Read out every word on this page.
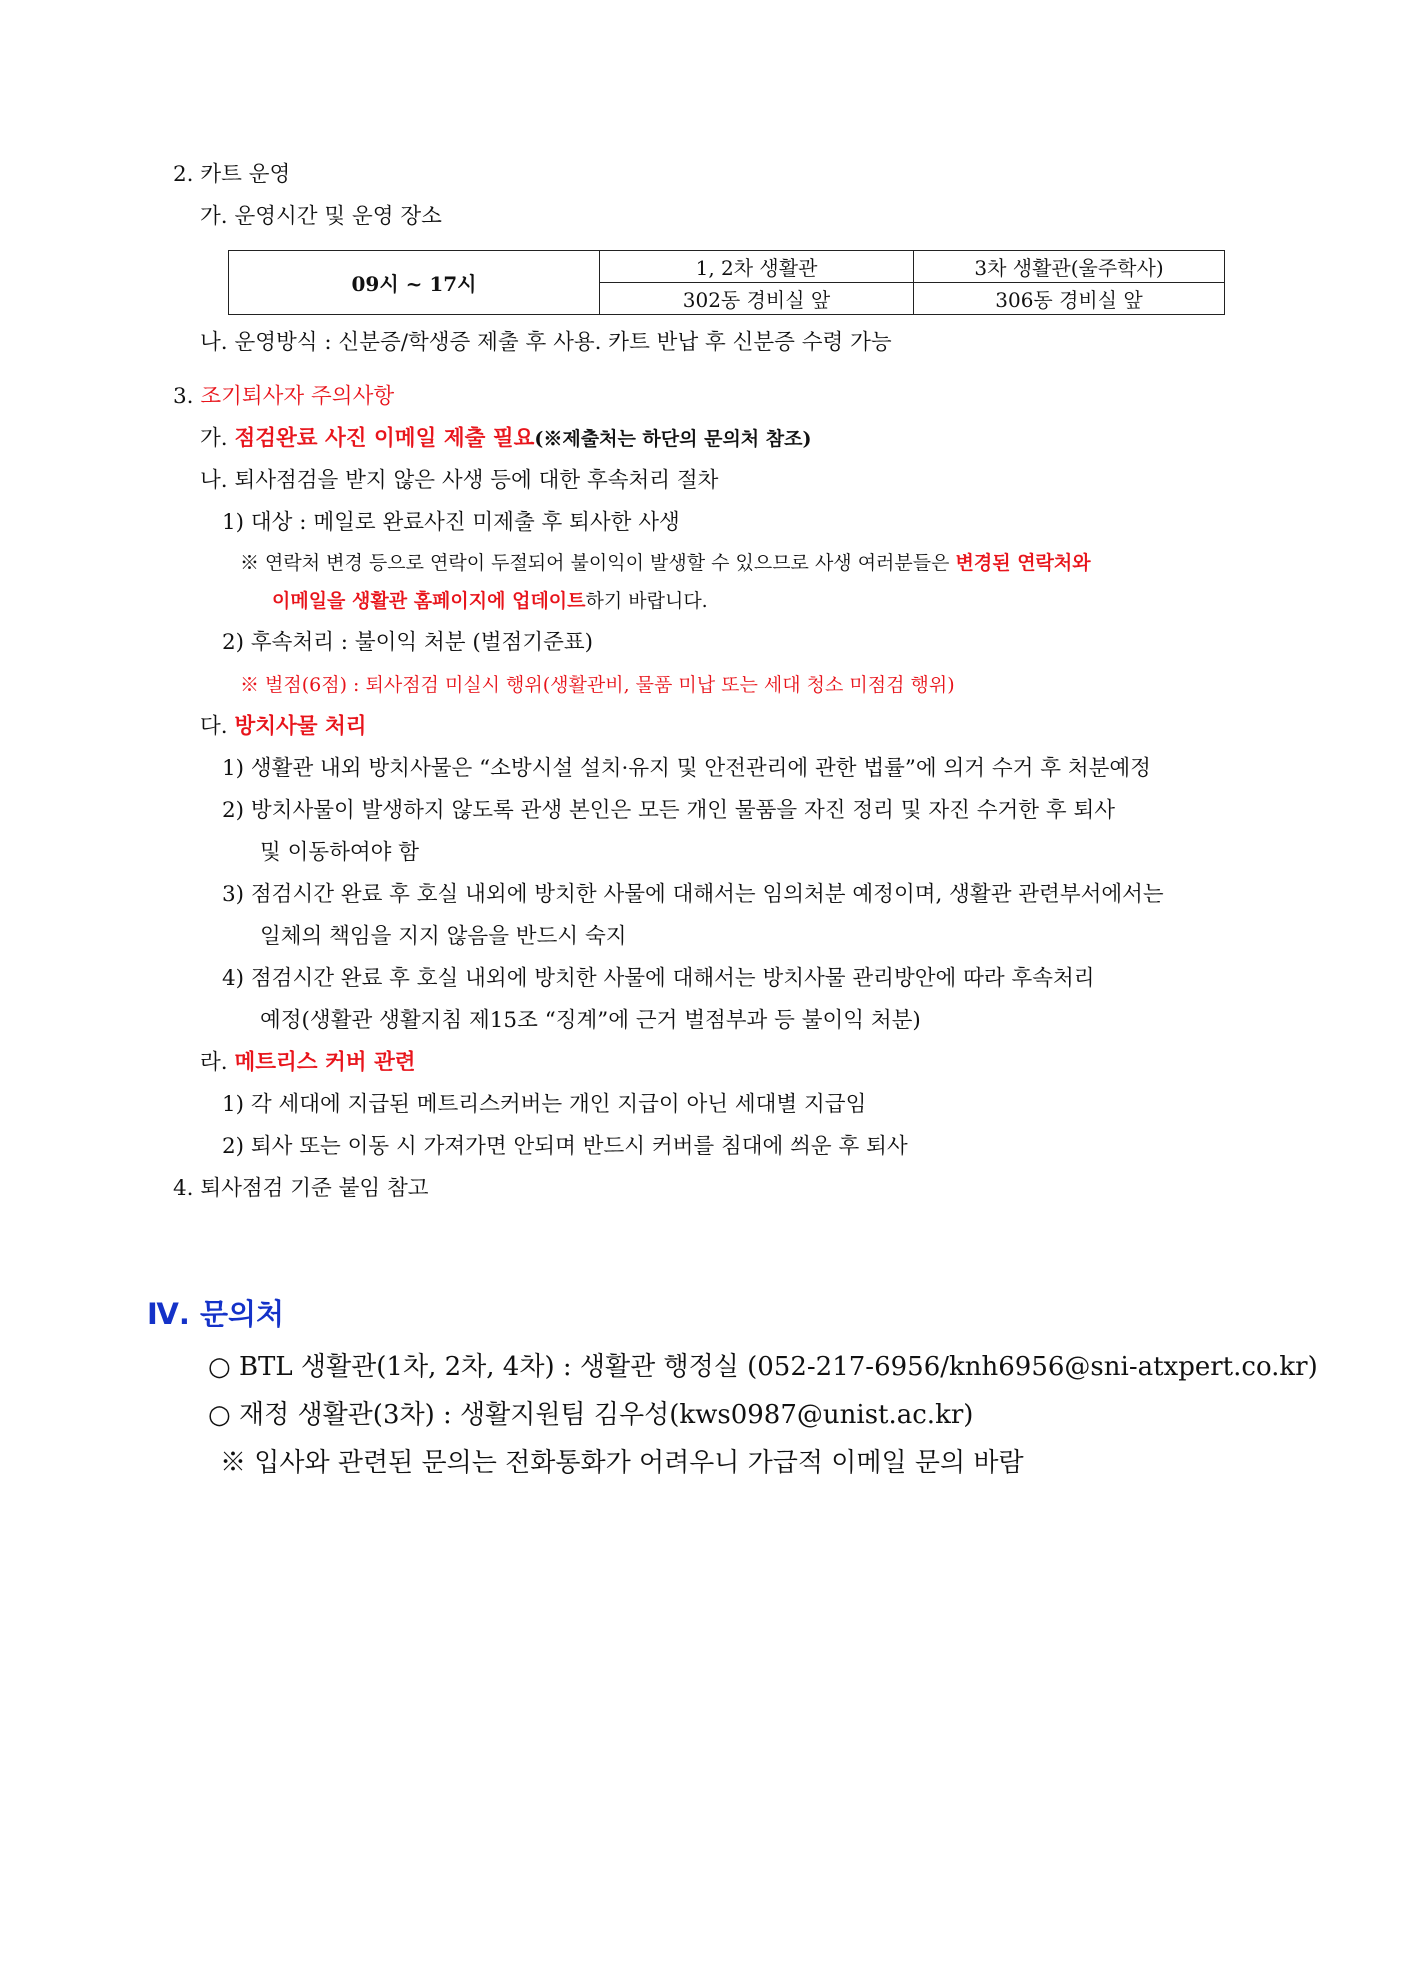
2. 카트 운영
가. 운영시간 및 운영 장소
09시 ~ 17시	1, 2차 생활관	3차 생활관(울주학사)
	302동 경비실 앞	306동 경비실 앞
나. 운영방식 : 신분증/학생증 제출 후 사용. 카트 반납 후 신분증 수령 가능
3. 조기퇴사자 주의사항
가. 점검완료 사진 이메일 제출 필요(※제출처는 하단의 문의처 참조)
나. 퇴사점검을 받지 않은 사생 등에 대한 후속처리 절차
1) 대상 : 메일로 완료사진 미제출 후 퇴사한 사생
※ 연락처 변경 등으로 연락이 두절되어 불이익이 발생할 수 있으므로 사생 여러분들은 변경된 연락처와
이메일을 생활관 홈페이지에 업데이트하기 바랍니다.
2) 후속처리 : 불이익 처분 (벌점기준표)
※ 벌점(6점) : 퇴사점검 미실시 행위(생활관비, 물품 미납 또는 세대 청소 미점검 행위)
다. 방치사물 처리
1) 생활관 내외 방치사물은 “소방시설 설치·유지 및 안전관리에 관한 법률”에 의거 수거 후 처분예정
2) 방치사물이 발생하지 않도록 관생 본인은 모든 개인 물품을 자진 정리 및 자진 수거한 후 퇴사
및 이동하여야 함
3) 점검시간 완료 후 호실 내외에 방치한 사물에 대해서는 임의처분 예정이며, 생활관 관련부서에서는
일체의 책임을 지지 않음을 반드시 숙지
4) 점검시간 완료 후 호실 내외에 방치한 사물에 대해서는 방치사물 관리방안에 따라 후속처리
예정(생활관 생활지침 제15조 “징계”에 근거 벌점부과 등 불이익 처분)
라. 메트리스 커버 관련
1) 각 세대에 지급된 메트리스커버는 개인 지급이 아닌 세대별 지급임
2) 퇴사 또는 이동 시 가져가면 안되며 반드시 커버를 침대에 씌운 후 퇴사
4. 퇴사점검 기준 붙임 참고
Ⅳ. 문의처
○ BTL 생활관(1차, 2차, 4차) : 생활관 행정실 (052-217-6956/knh6956@sni-atxpert.co.kr)
○ 재정 생활관(3차) : 생활지원팀 김우성(kws0987@unist.ac.kr)
※ 입사와 관련된 문의는 전화통화가 어려우니 가급적 이메일 문의 바람
